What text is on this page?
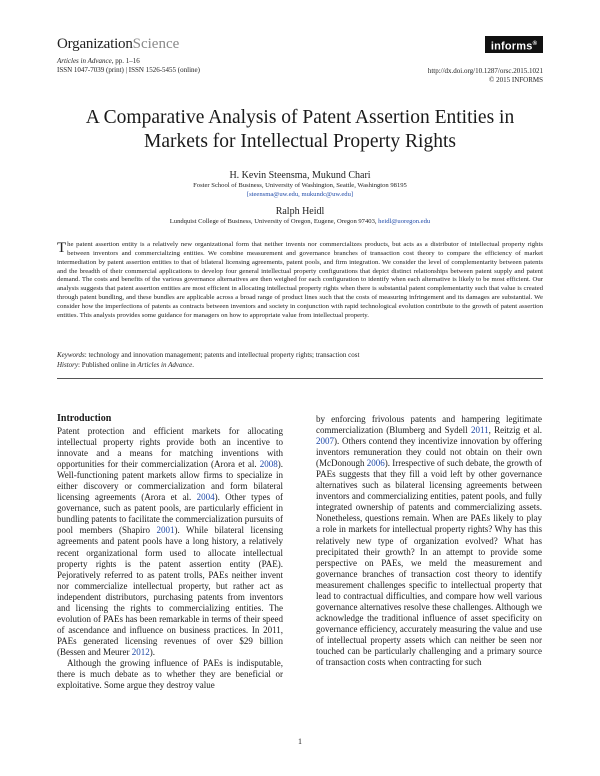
OrganizationScience
Articles in Advance, pp. 1–16
ISSN 1047-7039 (print) | ISSN 1526-5455 (online)
informs®
http://dx.doi.org/10.1287/orsc.2015.1021
© 2015 INFORMS
A Comparative Analysis of Patent Assertion Entities in
Markets for Intellectual Property Rights
H. Kevin Steensma, Mukund Chari
Foster School of Business, University of Washington, Seattle, Washington 98195
[steensma@uw.edu, mukundc@uw.edu]
Ralph Heidl
Lundquist College of Business, University of Oregon, Eugene, Oregon 97403, heidl@uoregon.edu
The patent assertion entity is a relatively new organizational form that neither invents nor commercializes products, but acts as a distributor of intellectual property rights between inventors and commercializing entities. We combine measurement and governance branches of transaction cost theory to compare the efficiency of market intermediation by patent assertion entities to that of bilateral licensing agreements, patent pools, and firm integration. We consider the level of complementarity between patents and the breadth of their commercial applications to develop four general intellectual property configurations that depict distinct relationships between patent supply and patent demand. The costs and benefits of the various governance alternatives are then weighed for each configuration to identify when each alternative is likely to be most efficient. Our analysis suggests that patent assertion entities are most efficient in allocating intellectual property rights when there is substantial patent complementarity such that value is created through patent bundling, and these bundles are applicable across a broad range of product lines such that the costs of measuring infringement and its damages are substantial. We consider how the imperfections of patents as contracts between inventors and society in conjunction with rapid technological evolution contribute to the growth of patent assertion entities. This analysis provides some guidance for managers on how to appropriate value from intellectual property.
Keywords: technology and innovation management; patents and intellectual property rights; transaction cost
History: Published online in Articles in Advance.
Introduction

Patent protection and efficient markets for allocating intellectual property rights provide both an incentive to innovate and a means for matching inventions with opportunities for their commercialization (Arora et al. 2008). Well-functioning patent markets allow firms to specialize in either discovery or commercialization and form bilateral licensing agreements (Arora et al. 2004). Other types of governance, such as patent pools, are particularly efficient in bundling patents to facilitate the commercialization pursuits of pool members (Shapiro 2001). While bilateral licensing agreements and patent pools have a long history, a relatively recent organizational form used to allocate intellectual property rights is the patent assertion entity (PAE). Pejoratively referred to as patent trolls, PAEs neither invent nor commercialize intellectual property, but rather act as independent distributors, purchasing patents from inventors and licensing the rights to commercializing entities. The evolution of PAEs has been remarkable in terms of their speed of ascendance and influence on business practices. In 2011, PAEs generated licensing revenues of over $29 billion (Bessen and Meurer 2012).

Although the growing influence of PAEs is indisputable, there is much debate as to whether they are beneficial or exploitative. Some argue they destroy value

by enforcing frivolous patents and hampering legitimate commercialization (Blumberg and Sydell 2011, Reitzig et al. 2007). Others contend they incentivize innovation by offering inventors remuneration they could not obtain on their own (McDonough 2006). Irrespective of such debate, the growth of PAEs suggests that they fill a void left by other governance alternatives such as bilateral licensing agreements between inventors and commercializing entities, patent pools, and fully integrated ownership of patents and commercializing assets. Nonetheless, questions remain. When are PAEs likely to play a role in markets for intellectual property rights? Why has this relatively new type of organization evolved? What has precipitated their growth? In an attempt to provide some perspective on PAEs, we meld the measurement and governance branches of transaction cost theory to identify measurement challenges specific to intellectual property that lead to contractual difficulties, and compare how well various governance alternatives resolve these challenges. Although we acknowledge the traditional influence of asset specificity on governance efficiency, accurately measuring the value and use of intellectual property assets which can neither be seen nor touched can be particularly challenging and a primary source of transaction costs when contracting for such

1
